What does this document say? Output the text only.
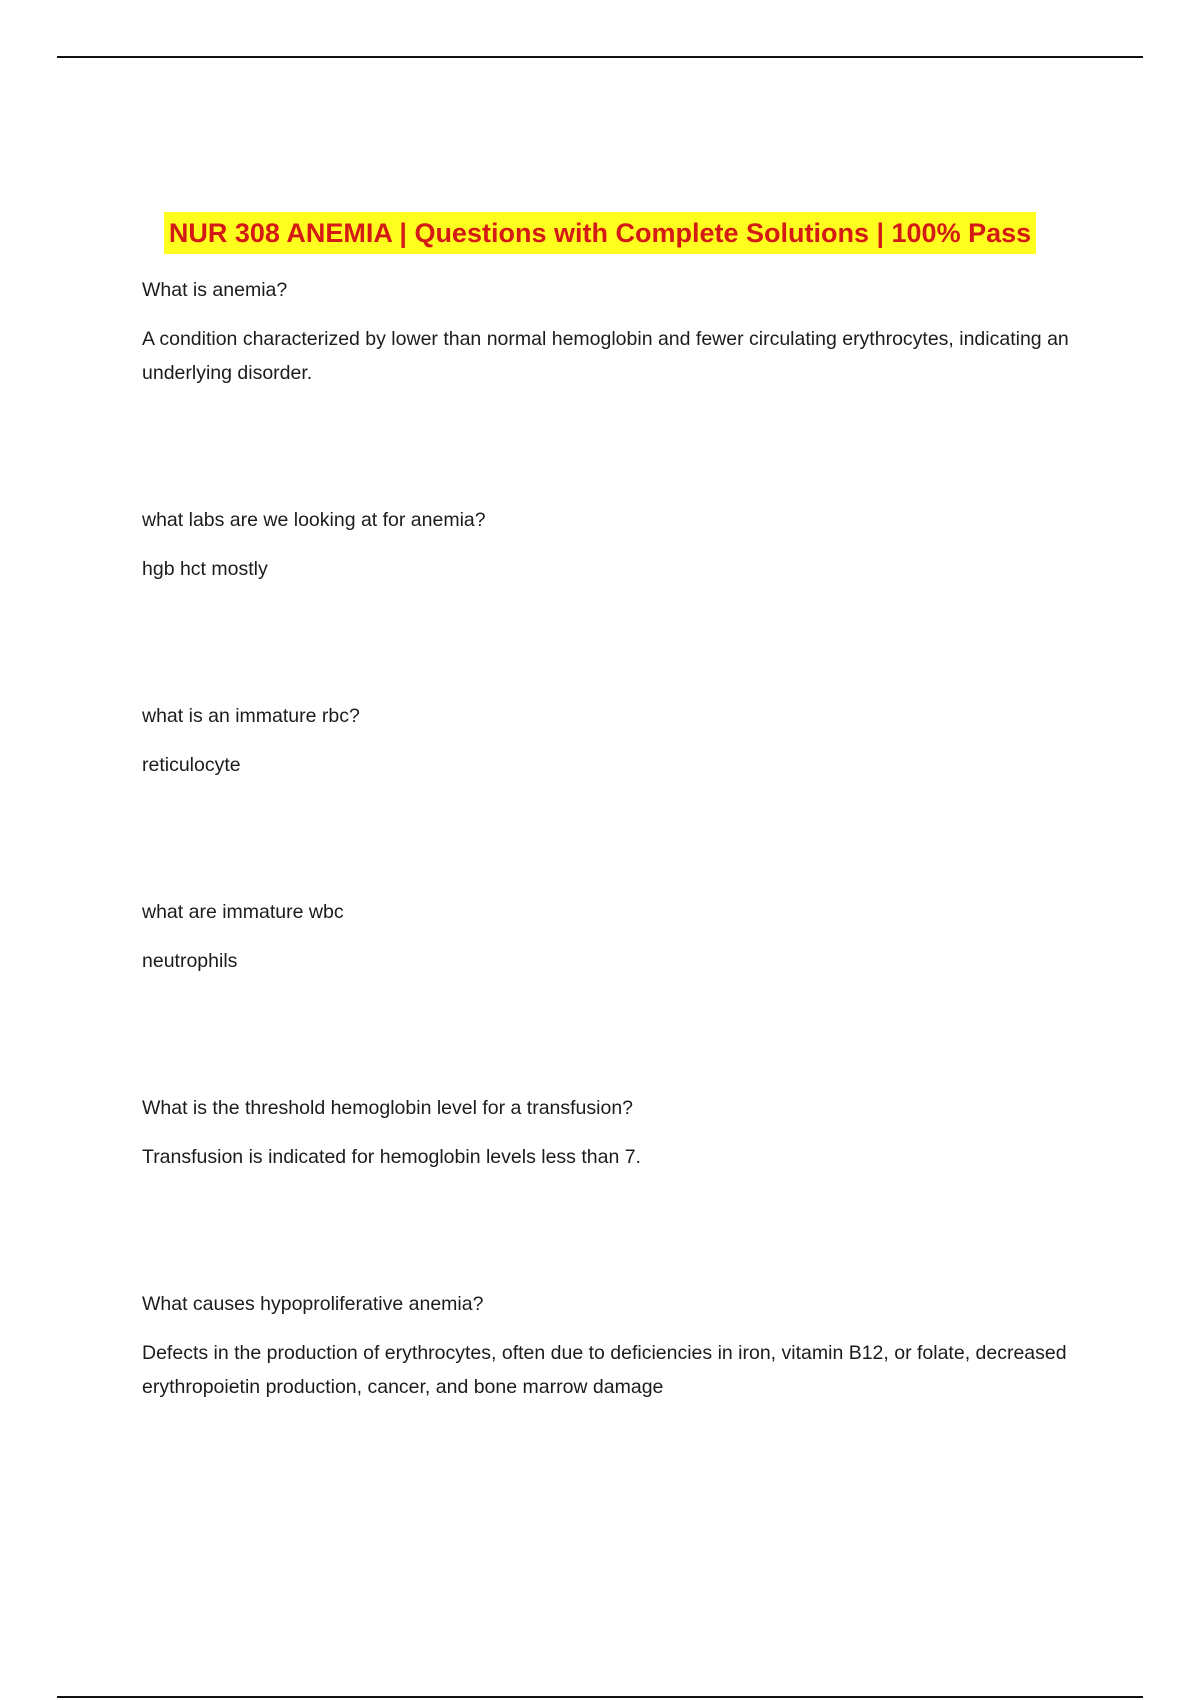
NUR 308 ANEMIA | Questions with Complete Solutions | 100% Pass

What is anemia?

A condition characterized by lower than normal hemoglobin and fewer circulating erythrocytes, indicating an underlying disorder.

what labs are we looking at for anemia?

hgb hct mostly

what is an immature rbc?

reticulocyte

what are immature wbc

neutrophils

What is the threshold hemoglobin level for a transfusion?

Transfusion is indicated for hemoglobin levels less than 7.

What causes hypoproliferative anemia?

Defects in the production of erythrocytes, often due to deficiencies in iron, vitamin B12, or folate, decreased erythropoietin production, cancer, and bone marrow damage
